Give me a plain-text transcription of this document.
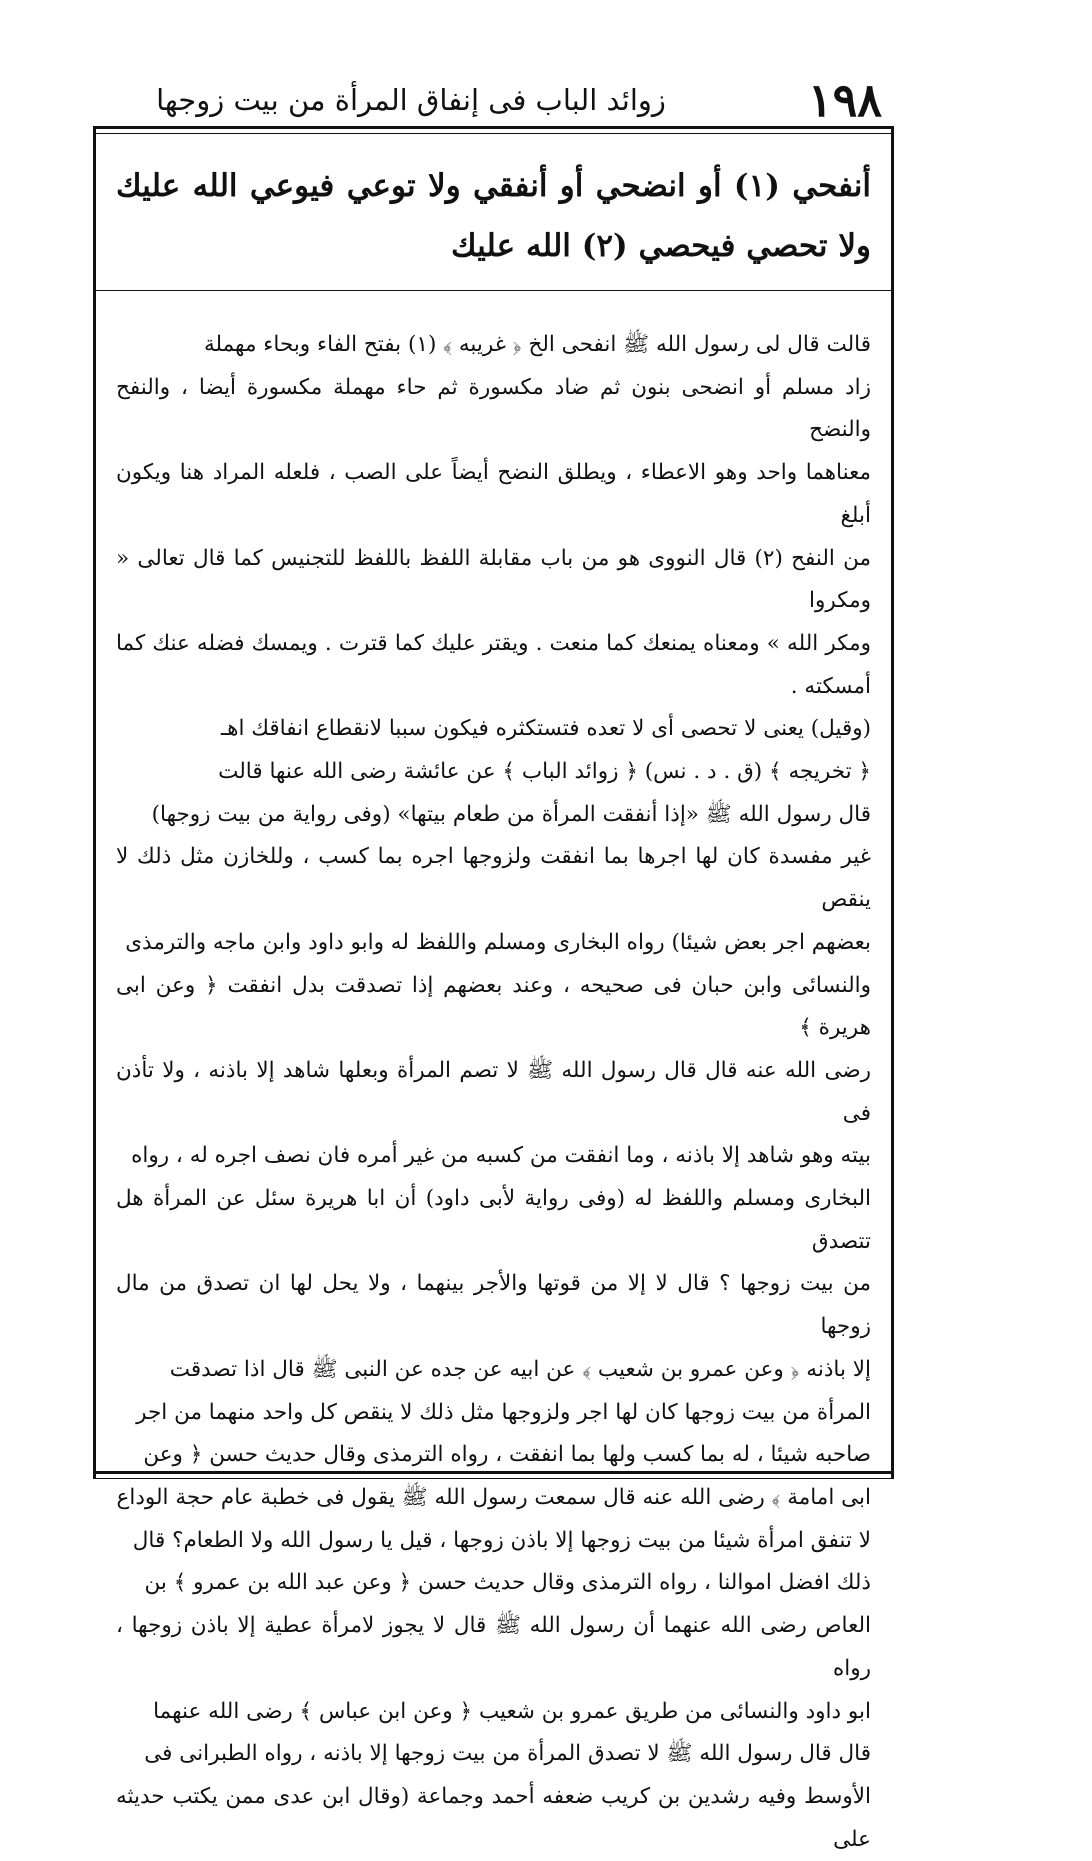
١٩٨
زوائد الباب فى إنفاق المرأة من بيت زوجها

أنفحي (١) أو انضحي أو أنفقي ولا توعي فيوعي الله عليك ولا تحصي فيحصي (٢) الله عليك

قالت قال لى رسول الله ﷺ انفحى الخ ﴿ غريبه ﴾ (١) بفتح الفاء وبحاء مهملة
زاد مسلم أو انضحى بنون ثم ضاد مكسورة ثم حاء مهملة مكسورة أيضا ، والنفح والنضح
معناهما واحد وهو الاعطاء ، ويطلق النضح أيضاً على الصب ، فلعله المراد هنا ويكون أبلغ
من النفح (٢) قال النووى هو من باب مقابلة اللفظ باللفظ للتجنيس كما قال تعالى « ومكروا
ومكر الله » ومعناه يمنعك كما منعت . ويقتر عليك كما قترت . ويمسك فضله عنك كما أمسكته .
(وقيل) يعنى لا تحصى أى لا تعده فتستكثره فيكون سببا لانقطاع انفاقك اهـ
﴿ تخريجه ﴾ (ق . د . نس) ﴿ زوائد الباب ﴾ عن عائشة رضى الله عنها قالت
قال رسول الله ﷺ «إذا أنفقت المرأة من طعام بيتها» (وفى رواية من بيت زوجها)
غير مفسدة كان لها اجرها بما انفقت ولزوجها اجره بما كسب ، وللخازن مثل ذلك لا ينقص
بعضهم اجر بعض شيئا) رواه البخارى ومسلم واللفظ له وابو داود وابن ماجه والترمذى
والنسائى وابن حبان فى صحيحه ، وعند بعضهم إذا تصدقت بدل انفقت ﴿ وعن ابى هريرة ﴾
رضى الله عنه قال قال رسول الله ﷺ لا تصم المرأة وبعلها شاهد إلا باذنه ، ولا تأذن فى
بيته وهو شاهد إلا باذنه ، وما انفقت من كسبه من غير أمره فان نصف اجره له ، رواه
البخارى ومسلم واللفظ له (وفى رواية لأبى داود) أن ابا هريرة سئل عن المرأة هل تتصدق
من بيت زوجها ؟ قال لا إلا من قوتها والأجر بينهما ، ولا يحل لها ان تصدق من مال زوجها
إلا باذنه ﴿ وعن عمرو بن شعيب ﴾ عن ابيه عن جده عن النبى ﷺ قال اذا تصدقت
المرأة من بيت زوجها كان لها اجر ولزوجها مثل ذلك لا ينقص كل واحد منهما من اجر
صاحبه شيئا ، له بما كسب ولها بما انفقت ، رواه الترمذى وقال حديث حسن ﴿ وعن
ابى امامة ﴾ رضى الله عنه قال سمعت رسول الله ﷺ يقول فى خطبة عام حجة الوداع
لا تنفق امرأة شيئا من بيت زوجها إلا باذن زوجها ، قيل يا رسول الله ولا الطعام؟ قال
ذلك افضل اموالنا ، رواه الترمذى وقال حديث حسن ﴿ وعن عبد الله بن عمرو ﴾ بن
العاص رضى الله عنهما أن رسول الله ﷺ قال لا يجوز لامرأة عطية إلا باذن زوجها ، رواه
ابو داود والنسائى من طريق عمرو بن شعيب ﴿ وعن ابن عباس ﴾ رضى الله عنهما
قال قال رسول الله ﷺ لا تصدق المرأة من بيت زوجها إلا باذنه ، رواه الطبرانى فى
الأوسط وفيه رشدين بن كريب ضعفه أحمد وجماعة (وقال ابن عدى ممن يكتب حديثه على
